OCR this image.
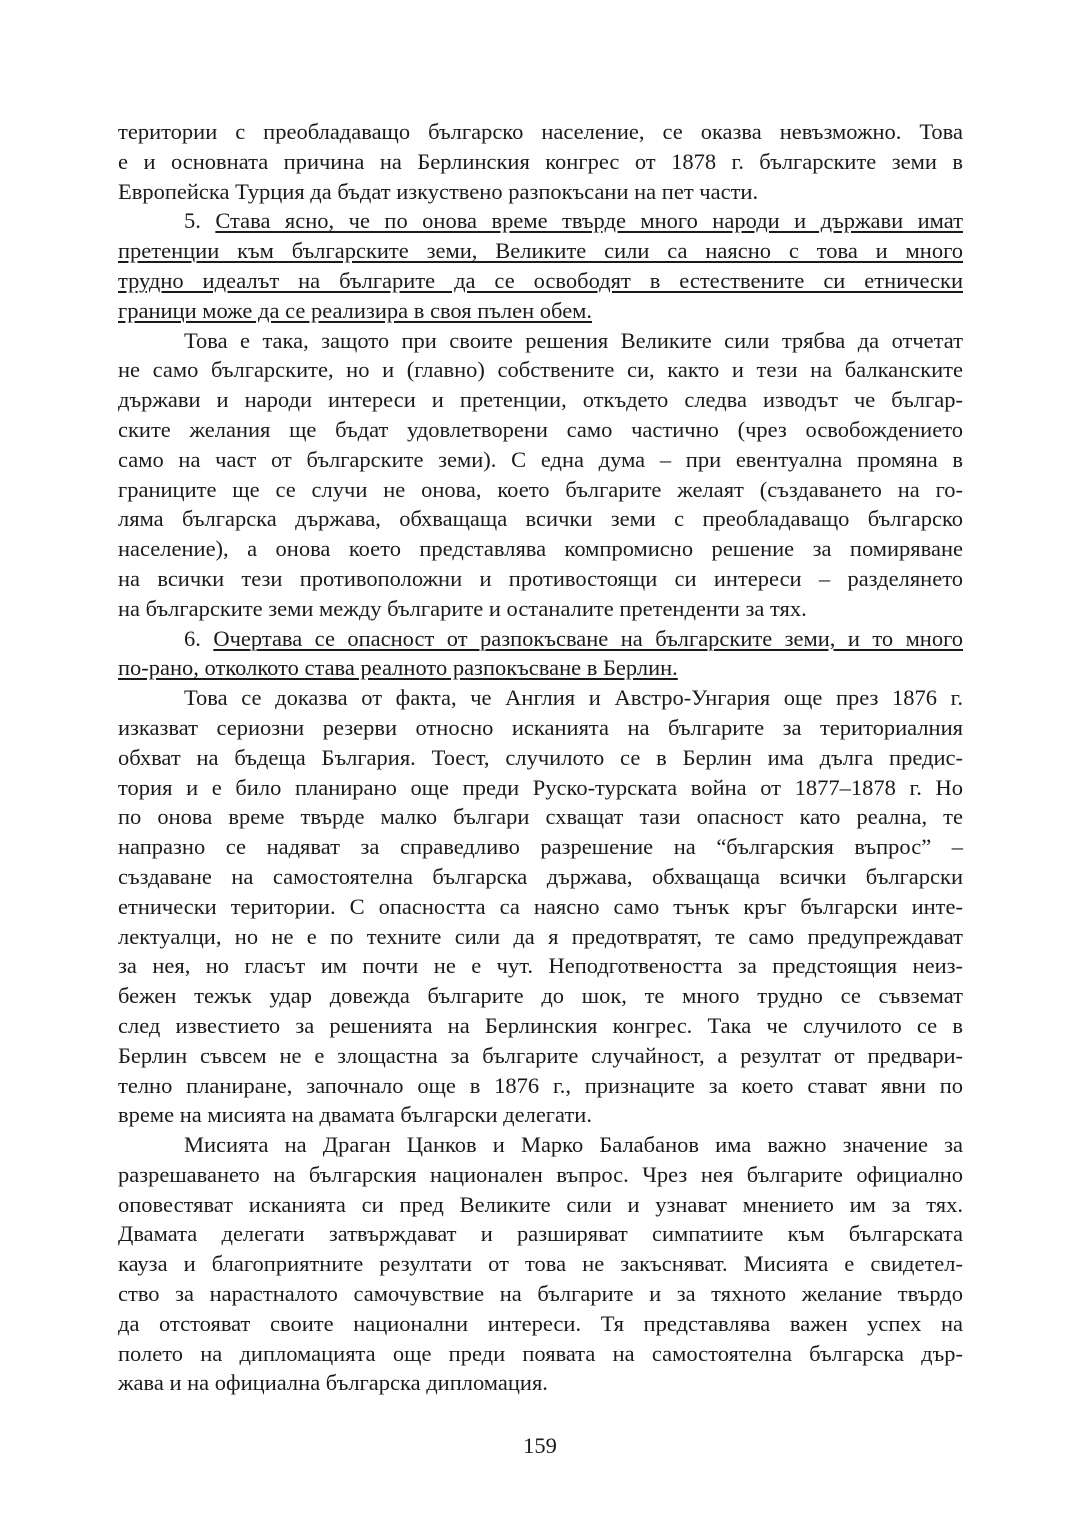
територии с преобладаващо българско население, се оказва невъзможно. Това
е и основната причина на Берлинския конгрес от 1878 г. българските земи в
Европейска Турция да бъдат изкуствено разпокъсани на пет части.
5. Става ясно, че по онова време твърде много народи и държави имат
претенции към българските земи, Великите сили са наясно с това и много
трудно идеалът на българите да се освободят в естествените си етнически
граници може да се реализира в своя пълен обем.
Това е така, защото при своите решения Великите сили трябва да отчетат
не само българските, но и (главно) собствените си, както и тези на балканските
държави и народи интереси и претенции, откъдето следва изводът че българ-
ските желания ще бъдат удовлетворени само частично (чрез освобождението
само на част от българските земи). С една дума – при евентуална промяна в
границите ще се случи не онова, което българите желаят (създаването на го-
ляма българска държава, обхващаща всички земи с преобладаващо българско
население), а онова което представлява компромисно решение за помиряване
на всички тези противоположни и противостоящи си интереси – разделянето
на българските земи между българите и останалите претенденти за тях.
6. Очертава се опасност от разпокъсване на българските земи, и то много
по-рано, отколкото става реалното разпокъсване в Берлин.
Това се доказва от факта, че Англия и Австро-Унгария още през 1876 г.
изказват сериозни резерви относно исканията на българите за териториалния
обхват на бъдеща България. Тоест, случилото се в Берлин има дълга предис-
тория и е било планирано още преди Руско-турската война от 1877–1878 г. Но
по онова време твърде малко българи схващат тази опасност като реална, те
напразно се надяват за справедливо разрешение на “българския въпрос” –
създаване на самостоятелна българска държава, обхващаща всички български
етнически територии. С опасността са наясно само тънък кръг български инте-
лектуалци, но не е по техните сили да я предотвратят, те само предупреждават
за нея, но гласът им почти не е чут. Неподготвеността за предстоящия неиз-
бежен тежък удар довежда българите до шок, те много трудно се съвземат
след известието за решенията на Берлинския конгрес. Така че случилото се в
Берлин съвсем не е злощастна за българите случайност, а резултат от предвари-
телно планиране, започнало още в 1876 г., признаците за което стават явни по
време на мисията на двамата български делегати.
Мисията на Драган Цанков и Марко Балабанов има важно значение за
разрешаването на българския национален въпрос. Чрез нея българите официално
оповестяват исканията си пред Великите сили и узнават мнението им за тях.
Двамата делегати затвърждават и разширяват симпатиите към българската
кауза и благоприятните резултати от това не закъсняват. Мисията е свидетел-
ство за нарастналото самочувствие на българите и за тяхното желание твърдо
да отстояват своите национални интереси. Тя представлява важен успех на
полето на дипломацията още преди появата на самостоятелна българска дър-
жава и на официална българска дипломация.
159
